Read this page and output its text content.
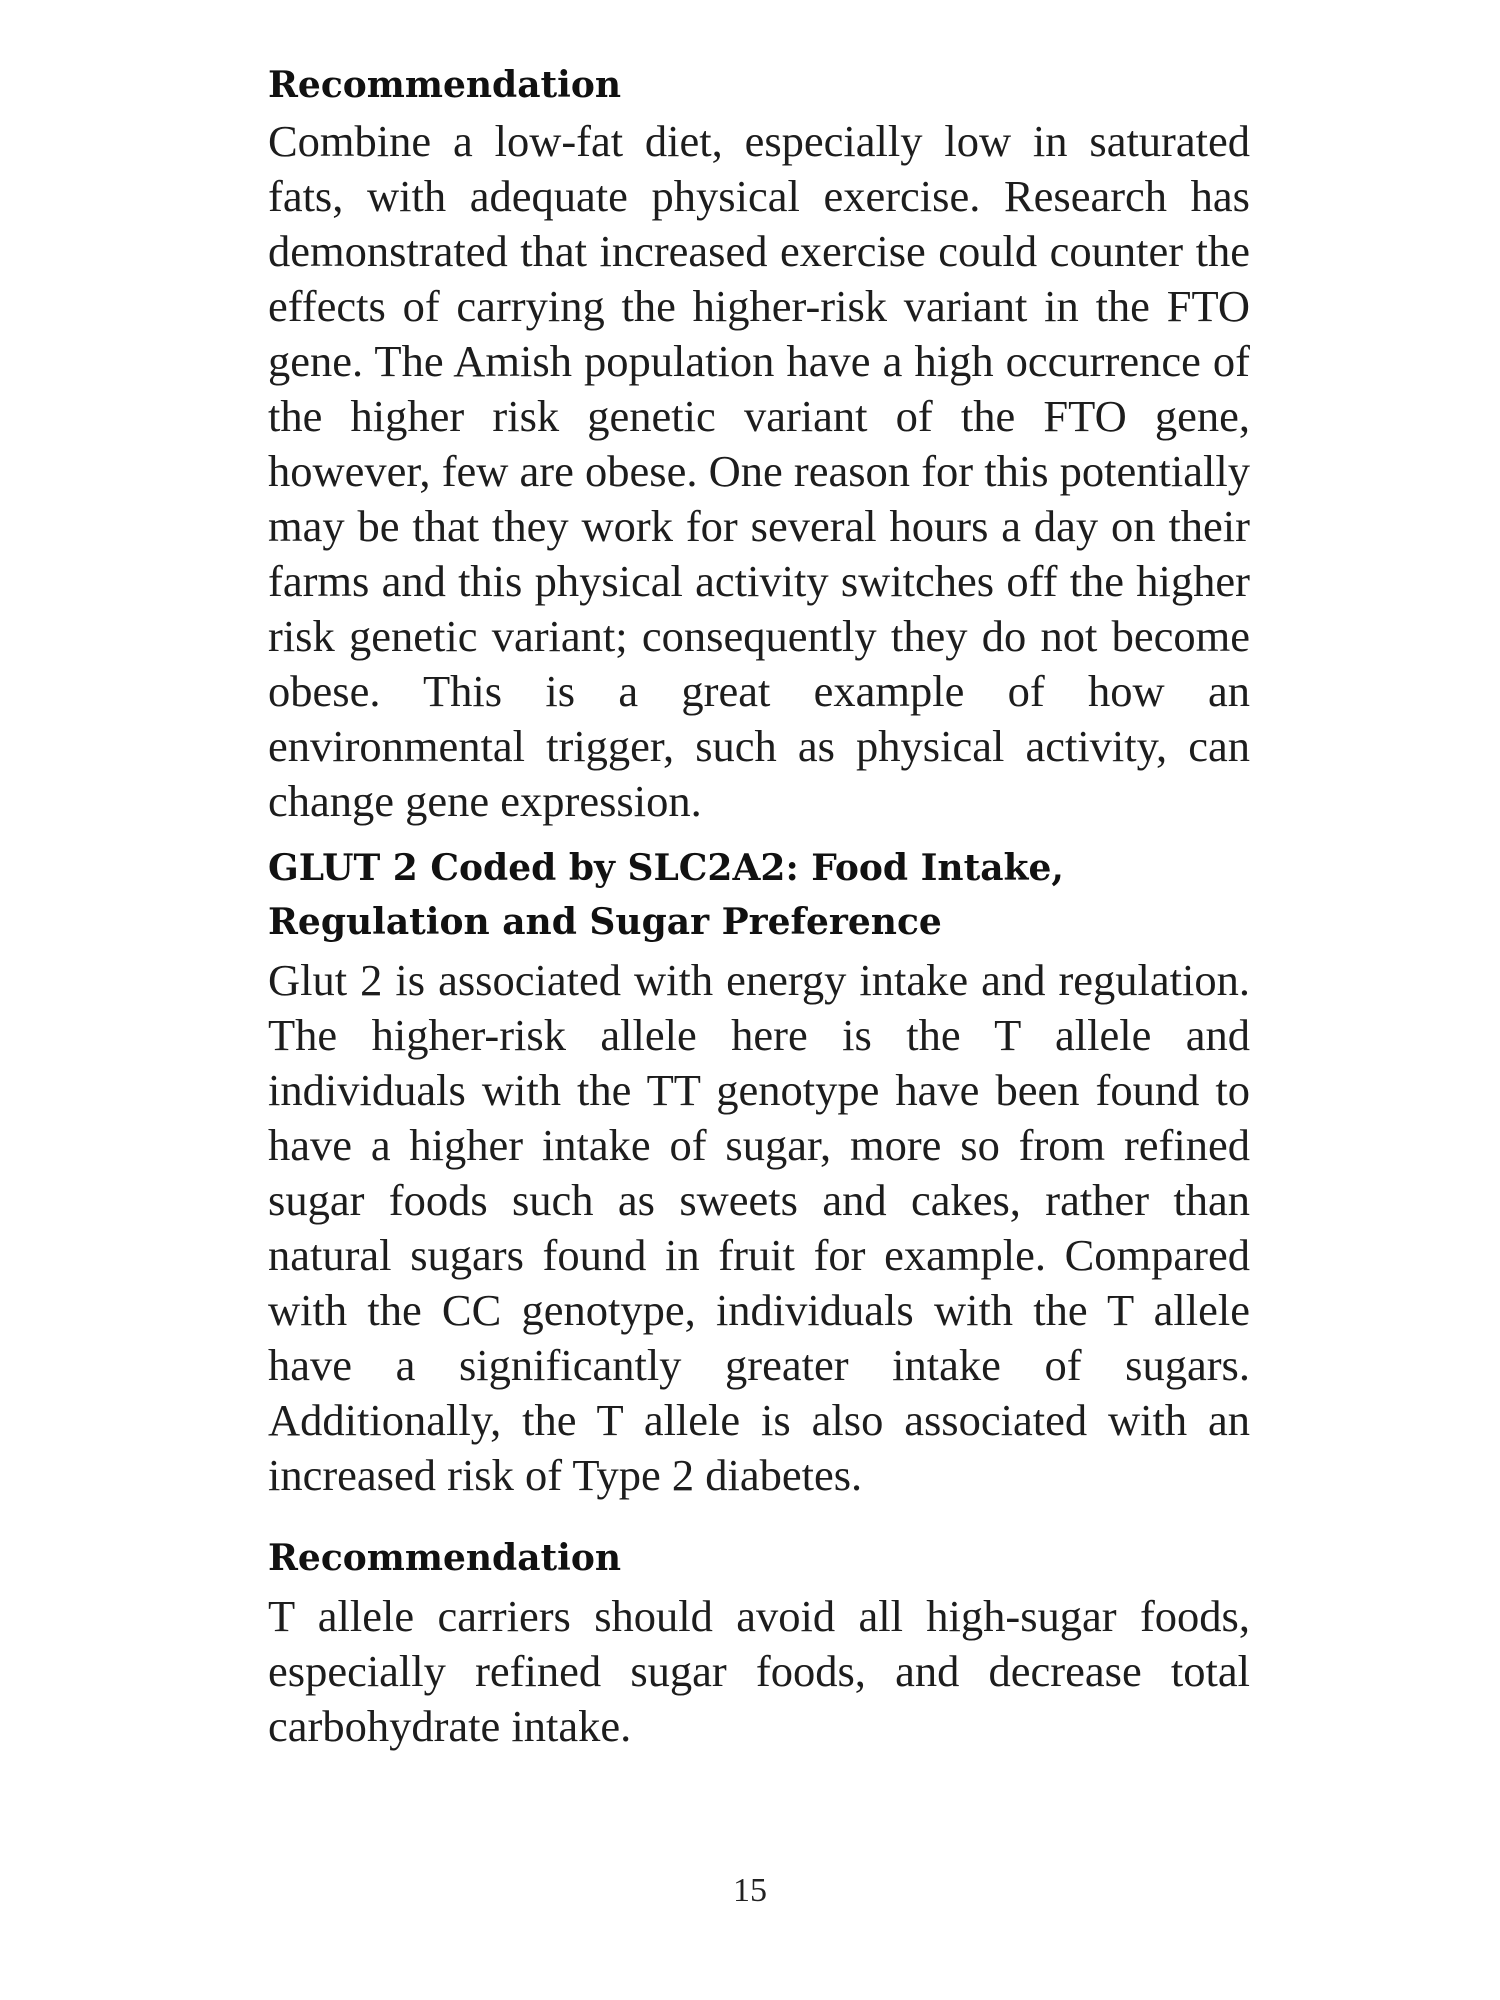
Recommendation

Combine a low-fat diet, especially low in saturated fats, with adequate physical exercise. Research has demonstrated that increased exercise could counter the effects of carrying the higher-risk variant in the FTO gene. The Amish population have a high occurrence of the higher risk genetic variant of the FTO gene, however, few are obese. One reason for this potentially may be that they work for several hours a day on their farms and this physical activity switches off the higher risk genetic variant; consequently they do not become obese. This is a great example of how an environmental trigger, such as physical activity, can change gene expression.

GLUT 2 Coded by SLC2A2: Food Intake,
Regulation and Sugar Preference

Glut 2 is associated with energy intake and regulation. The higher-risk allele here is the T allele and individuals with the TT genotype have been found to have a higher intake of sugar, more so from refined sugar foods such as sweets and cakes, rather than natural sugars found in fruit for example. Compared with the CC genotype, individuals with the T allele have a significantly greater intake of sugars. Additionally, the T allele is also associated with an increased risk of Type 2 diabetes.

Recommendation

T allele carriers should avoid all high-sugar foods, especially refined sugar foods, and decrease total carbohydrate intake.

15
